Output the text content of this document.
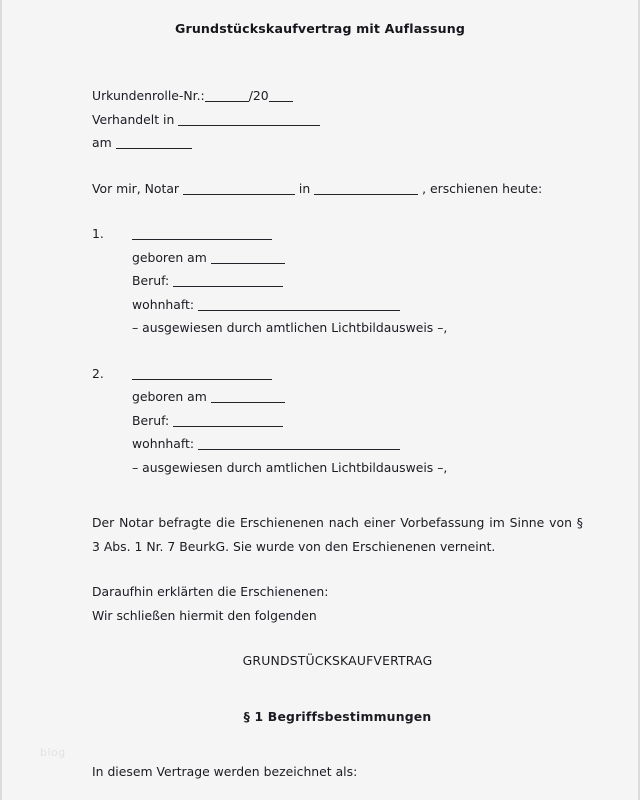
Grundstückskaufvertrag mit Auflassung
Urkundenrolle-Nr.:	/20
Verhandelt in
am
Vor mir, Notar	in	, erschienen heute:
1.
geboren am
Beruf:
wohnhaft:
– ausgewiesen durch amtlichen Lichtbildausweis –,
2.
geboren am
Beruf:
wohnhaft:
– ausgewiesen durch amtlichen Lichtbildausweis –,

Der Notar befragte die Erschienenen nach einer Vorbefassung im Sinne von § 3 Abs. 1 Nr. 7 BeurkG. Sie wurde von den Erschienenen verneint.

Daraufhin erklärten die Erschienenen:
Wir schließen hiermit den folgenden
GRUNDSTÜCKSKAUFVERTRAG
§ 1 Begriffsbestimmungen
In diesem Vertrage werden bezeichnet als:
blog
